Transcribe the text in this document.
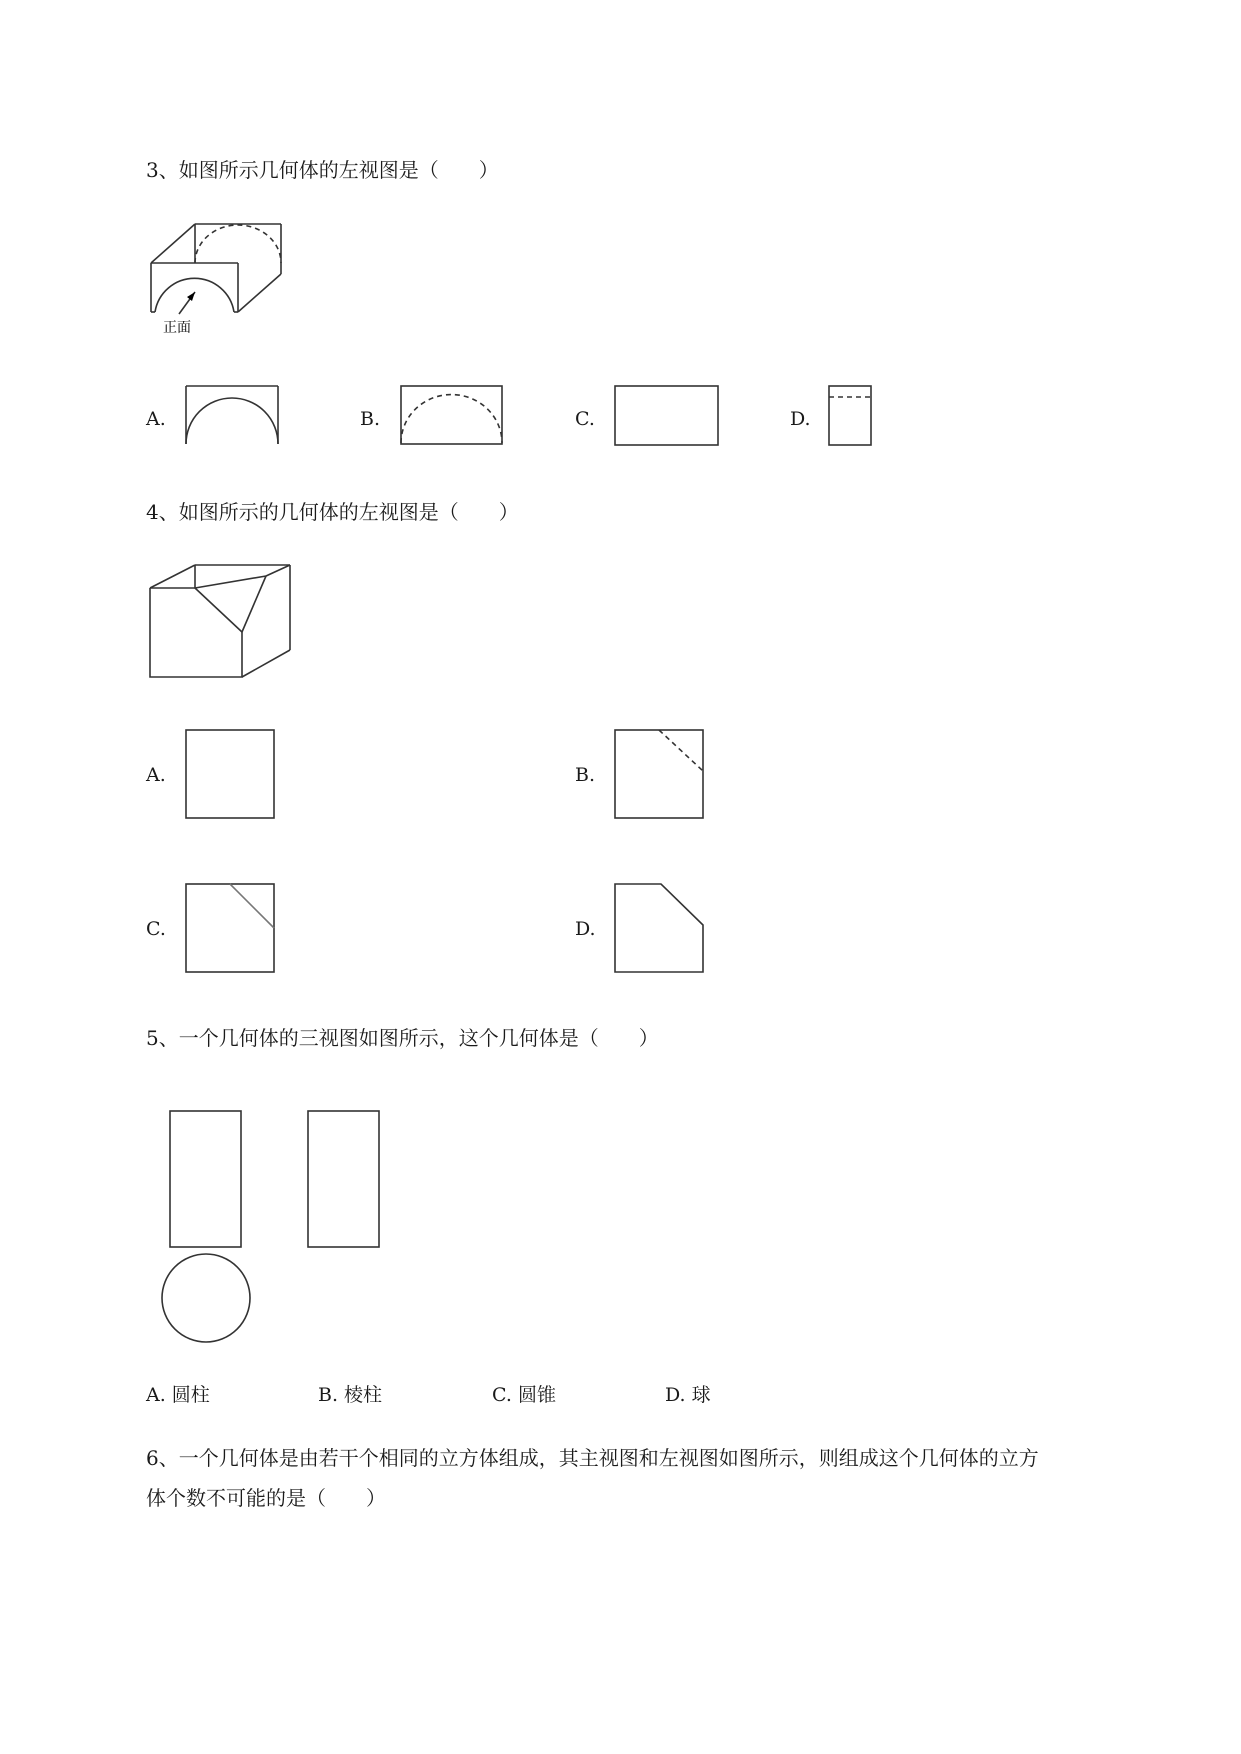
3、如图所示几何体的左视图是（　　）

正面
A.	B.	C.	D.

4、如图所示的几何体的左视图是（　　）

A.	B.
C.	D.

5、一个几何体的三视图如图所示，这个几何体是（　　）

A. 圆柱	B. 棱柱	C. 圆锥	D. 球

6、一个几何体是由若干个相同的立方体组成，其主视图和左视图如图所示，则组成这个几何体的立方

体个数不可能的是（　　）
